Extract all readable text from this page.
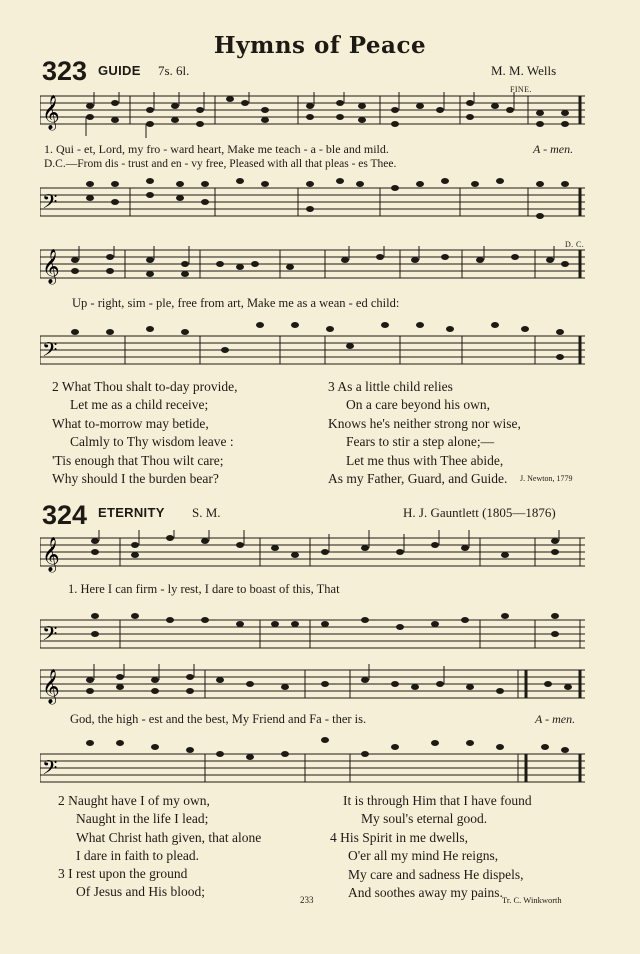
Hymns of Peace
323 GUIDE 7s. 6l.	M. M. Wells
FINE.
𝄞
1. Qui - et, Lord, my fro - ward heart, Make me teach - a - ble and mild.	A - men.
D.C.—From dis - trust and en - vy free, Pleased with all that pleas - es Thee.
𝄢
D. C.
𝄞
Up - right, sim - ple, free from art, Make me as a wean - ed child:
𝄢
2 What Thou shalt to-day provide,
Let me as a child receive;
What to-morrow may betide,
Calmly to Thy wisdom leave :
'Tis enough that Thou wilt care;
Why should I the burden bear?
3 As a little child relies
On a care beyond his own,
Knows he's neither strong nor wise,
Fears to stir a step alone;—
Let me thus with Thee abide,
As my Father, Guard, and Guide.	J. Newton, 1779
324 ETERNITY S. M.	H. J. Gauntlett (1805—1876)
𝄞
1. Here I can firm - ly rest, I dare to boast of this, That
𝄢
𝄞
God, the high - est and the best, My Friend and Fa - ther is.	A - men.
𝄢
2 Naught have I of my own,
Naught in the life I lead;
What Christ hath given, that alone
I dare in faith to plead.
3 I rest upon the ground
Of Jesus and His blood;
It is through Him that I have found
My soul's eternal good.
4 His Spirit in me dwells,
O'er all my mind He reigns,
My care and sadness He dispels,
And soothes away my pains.
233	Tr. C. Winkworth
